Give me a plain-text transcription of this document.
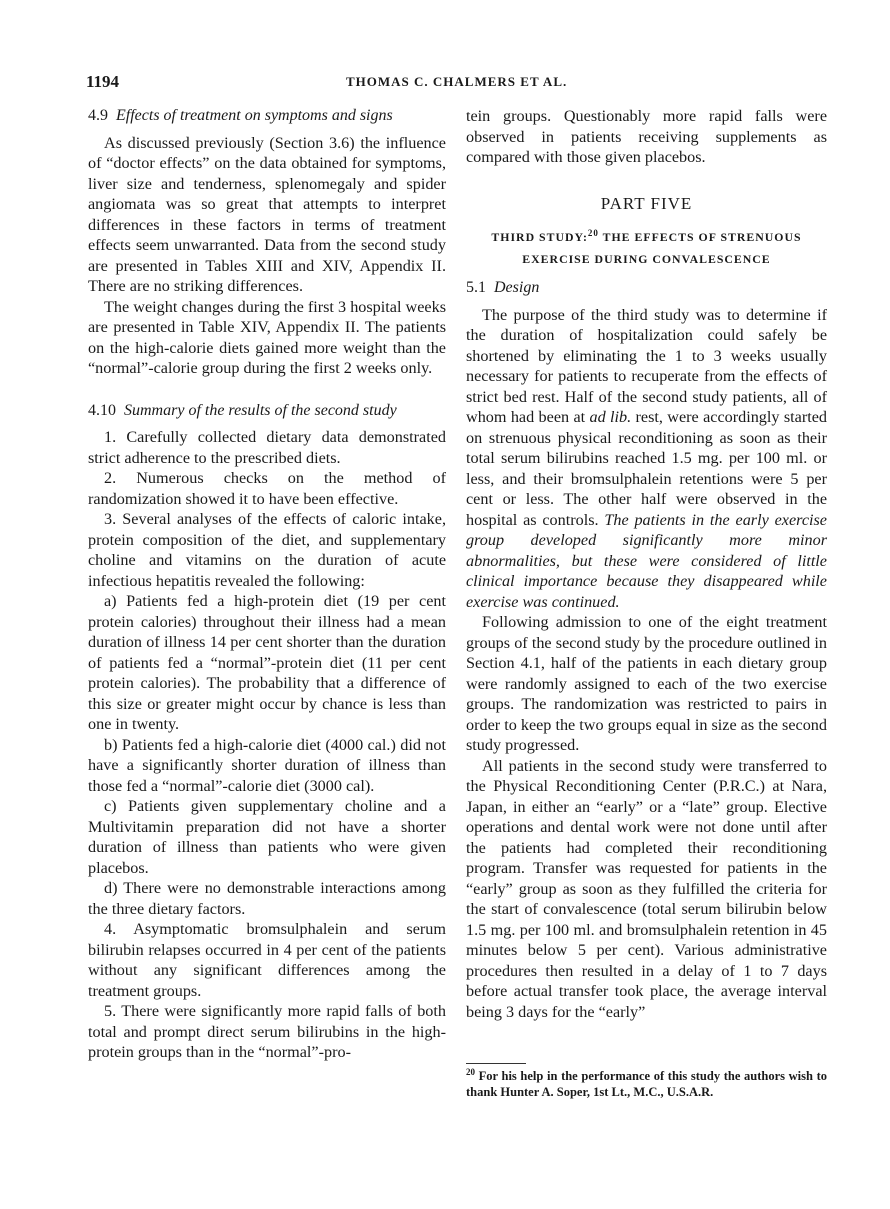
1194	THOMAS C. CHALMERS ET AL.
4.9 Effects of treatment on symptoms and signs

As discussed previously (Section 3.6) the influence of “doctor effects” on the data obtained for symptoms, liver size and tenderness, splenomegaly and spider angiomata was so great that attempts to interpret differences in these factors in terms of treatment effects seem unwarranted. Data from the second study are presented in Tables XIII and XIV, Appendix II. There are no striking differences.

The weight changes during the first 3 hospital weeks are presented in Table XIV, Appendix II. The patients on the high-calorie diets gained more weight than the “normal”-calorie group during the first 2 weeks only.

4.10 Summary of the results of the second study

1. Carefully collected dietary data demonstrated strict adherence to the prescribed diets.

2. Numerous checks on the method of randomization showed it to have been effective.

3. Several analyses of the effects of caloric intake, protein composition of the diet, and supplementary choline and vitamins on the duration of acute infectious hepatitis revealed the following:

a) Patients fed a high-protein diet (19 per cent protein calories) throughout their illness had a mean duration of illness 14 per cent shorter than the duration of patients fed a “normal”-protein diet (11 per cent protein calories). The probability that a difference of this size or greater might occur by chance is less than one in twenty.

b) Patients fed a high-calorie diet (4000 cal.) did not have a significantly shorter duration of illness than those fed a “normal”-calorie diet (3000 cal).

c) Patients given supplementary choline and a Multivitamin preparation did not have a shorter duration of illness than patients who were given placebos.

d) There were no demonstrable interactions among the three dietary factors.

4. Asymptomatic bromsulphalein and serum bilirubin relapses occurred in 4 per cent of the patients without any significant differences among the treatment groups.

5. There were significantly more rapid falls of both total and prompt direct serum bilirubins in the high-protein groups than in the “normal”-pro-

tein groups. Questionably more rapid falls were observed in patients receiving supplements as compared with those given placebos.

PART FIVE
THIRD STUDY:$^{20}$ THE EFFECTS OF STRENUOUS EXERCISE DURING CONVALESCENCE
5.1 Design

The purpose of the third study was to determine if the duration of hospitalization could safely be shortened by eliminating the 1 to 3 weeks usually necessary for patients to recuperate from the effects of strict bed rest. Half of the second study patients, all of whom had been at ad lib. rest, were accordingly started on strenuous physical reconditioning as soon as their total serum bilirubins reached 1.5 mg. per 100 ml. or less, and their bromsulphalein retentions were 5 per cent or less. The other half were observed in the hospital as controls. The patients in the early exercise group developed significantly more minor abnormalities, but these were considered of little clinical importance because they disappeared while exercise was continued.

Following admission to one of the eight treatment groups of the second study by the procedure outlined in Section 4.1, half of the patients in each dietary group were randomly assigned to each of the two exercise groups. The randomization was restricted to pairs in order to keep the two groups equal in size as the second study progressed.

All patients in the second study were transferred to the Physical Reconditioning Center (P.R.C.) at Nara, Japan, in either an “early” or a “late” group. Elective operations and dental work were not done until after the patients had completed their reconditioning program. Transfer was requested for patients in the “early” group as soon as they fulfilled the criteria for the start of convalescence (total serum bilirubin below 1.5 mg. per 100 ml. and bromsulphalein retention in 45 minutes below 5 per cent). Various administrative procedures then resulted in a delay of 1 to 7 days before actual transfer took place, the average interval being 3 days for the “early”

$^{20}$ For his help in the performance of this study the authors wish to thank Hunter A. Soper, 1st Lt., M.C., U.S.A.R.
